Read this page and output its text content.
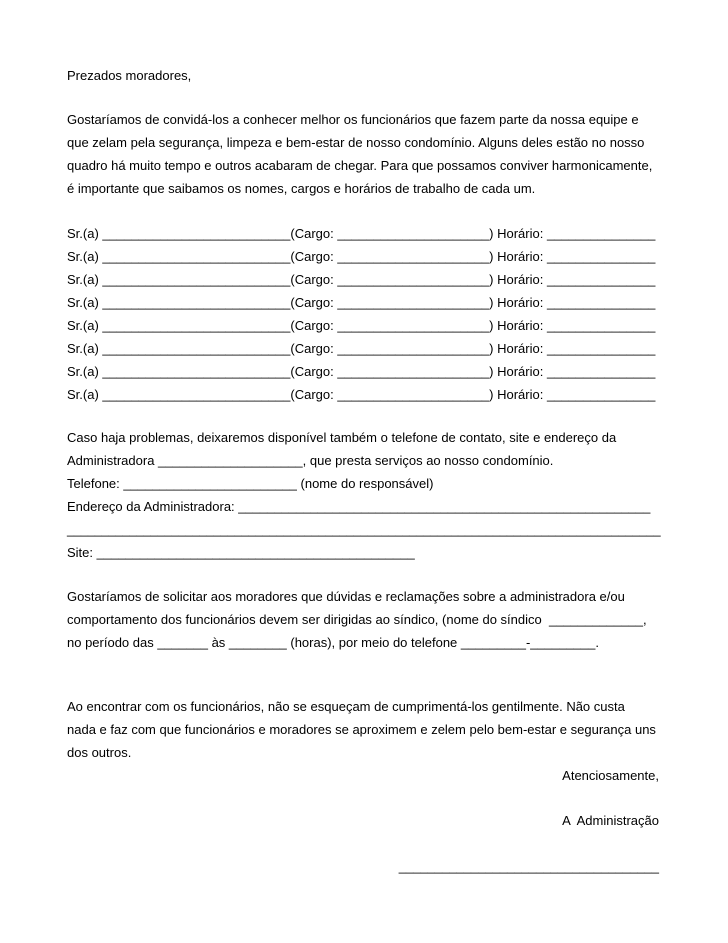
Prezados moradores,
Gostaríamos de convidá-los a conhecer melhor os funcionários que fazem parte da nossa equipe e
que zelam pela segurança, limpeza e bem-estar de nosso condomínio. Alguns deles estão no nosso
quadro há muito tempo e outros acabaram de chegar. Para que possamos conviver harmonicamente,
é importante que saibamos os nomes, cargos e horários de trabalho de cada um.
Sr.(a) __________________________(Cargo: _____________________) Horário: _______________
Sr.(a) __________________________(Cargo: _____________________) Horário: _______________
Sr.(a) __________________________(Cargo: _____________________) Horário: _______________
Sr.(a) __________________________(Cargo: _____________________) Horário: _______________
Sr.(a) __________________________(Cargo: _____________________) Horário: _______________
Sr.(a) __________________________(Cargo: _____________________) Horário: _______________
Sr.(a) __________________________(Cargo: _____________________) Horário: _______________
Sr.(a) __________________________(Cargo: _____________________) Horário: _______________
Caso haja problemas, deixaremos disponível também o telefone de contato, site e endereço da
Administradora ____________________, que presta serviços ao nosso condomínio.
Telefone: ________________________ (nome do responsável)
Endereço da Administradora: _________________________________________________________
_____________________________________________________________________________________
Site: ____________________________________________
Gostaríamos de solicitar aos moradores que dúvidas e reclamações sobre a administradora e/ou
comportamento dos funcionários devem ser dirigidas ao síndico, (nome do síndico  _____________,
no período das _______ às ________ (horas), por meio do telefone _________-_________.
Ao encontrar com os funcionários, não se esqueçam de cumprimentá-los gentilmente. Não custa
nada e faz com que funcionários e moradores se aproximem e zelem pelo bem-estar e segurança uns
dos outros.
Atenciosamente,
A  Administração
____________________________________
